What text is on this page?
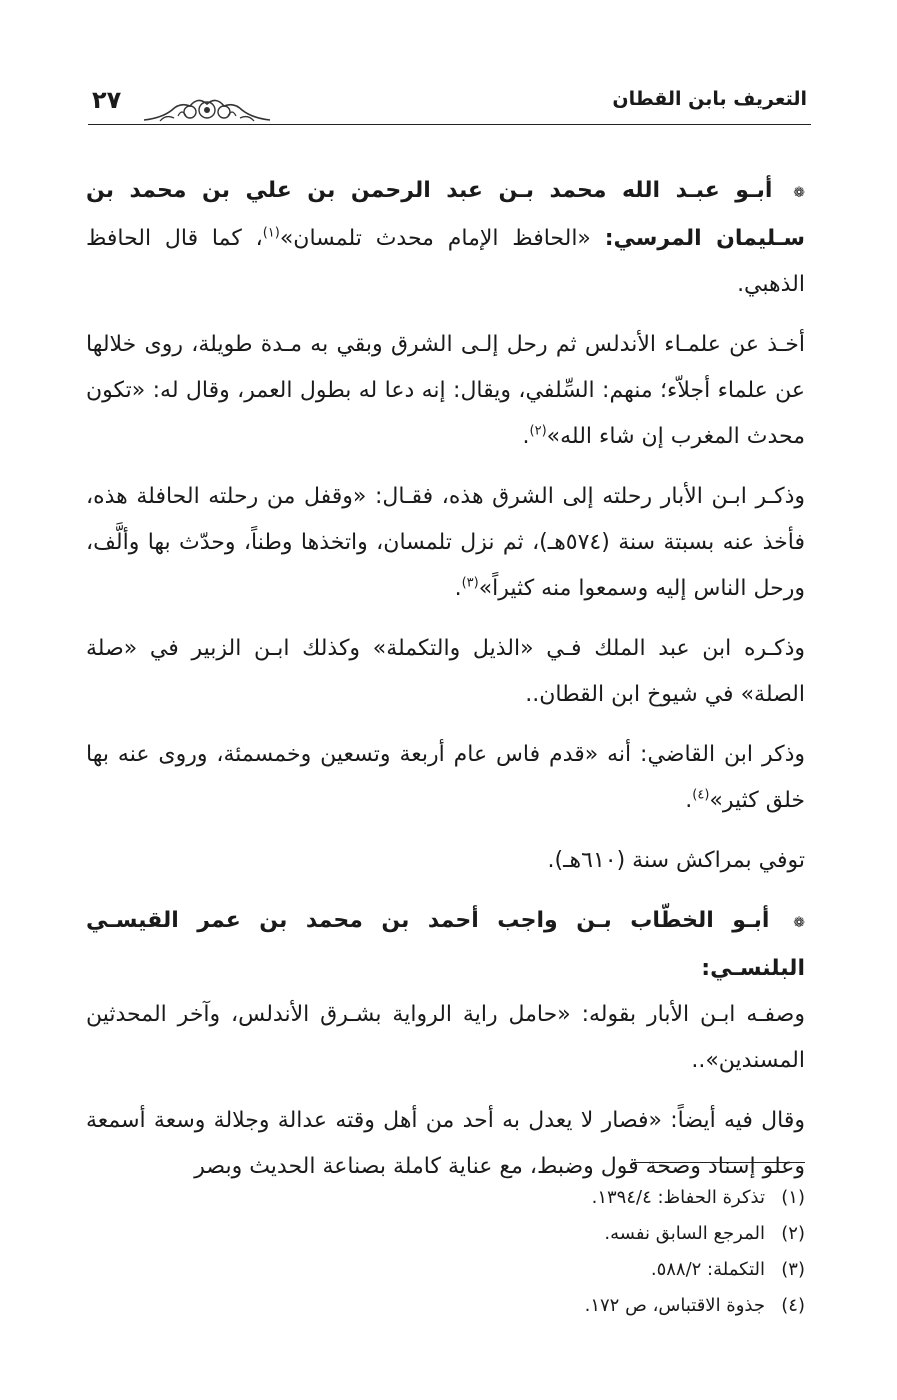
التعريف بابن القطان
٢٧

❁ أبـو عبـد الله محمد بـن عبد الرحمن بن علي بن محمد بن سـليمان المرسي: «الحافظ الإمام محدث تلمسان»$^{(١)}$، كما قال الحافظ الذهبي.

أخـذ عن علمـاء الأندلس ثم رحل إلـى الشرق وبقي به مـدة طويلة، روى خلالها عن علماء أجلاّء؛ منهم: السِّلفي، ويقال: إنه دعا له بطول العمر، وقال له: «تكون محدث المغرب إن شاء الله»$^{(٢)}$.

وذكـر ابـن الأبار رحلته إلى الشرق هذه، فقـال: «وقفل من رحلته الحافلة هذه، فأخذ عنه بسبتة سنة (٥٧٤هـ)، ثم نزل تلمسان، واتخذها وطناً، وحدّث بها وألَّف، ورحل الناس إليه وسمعوا منه كثيراً»$^{(٣)}$.

وذكـره ابن عبد الملك فـي «الذيل والتكملة» وكذلك ابـن الزبير في «صلة الصلة» في شيوخ ابن القطان..

وذكر ابن القاضي: أنه «قدم فاس عام أربعة وتسعين وخمسمئة، وروى عنه بها خلق كثير»$^{(٤)}$.

توفي بمراكش سنة (٦١٠هـ).

❁ أبـو الخطّاب بـن واجب أحمد بن محمد بن عمر القيسـي البلنسـي:

وصفـه ابـن الأبار بقوله: «حامل راية الرواية بشـرق الأندلس، وآخر المحدثين المسندين»..

وقال فيه أيضاً: «فصار لا يعدل به أحد من أهل وقته عدالة وجلالة وسعة أسمعة وعلو إسناد وصحة قول وضبط، مع عناية كاملة بصناعة الحديث وبصر

(١)تذكرة الحفاظ: ١٣٩٤/٤.

(٢)المرجع السابق نفسه.

(٣)التكملة: ٥٨٨/٢.

(٤)جذوة الاقتباس، ص ١٧٢.
